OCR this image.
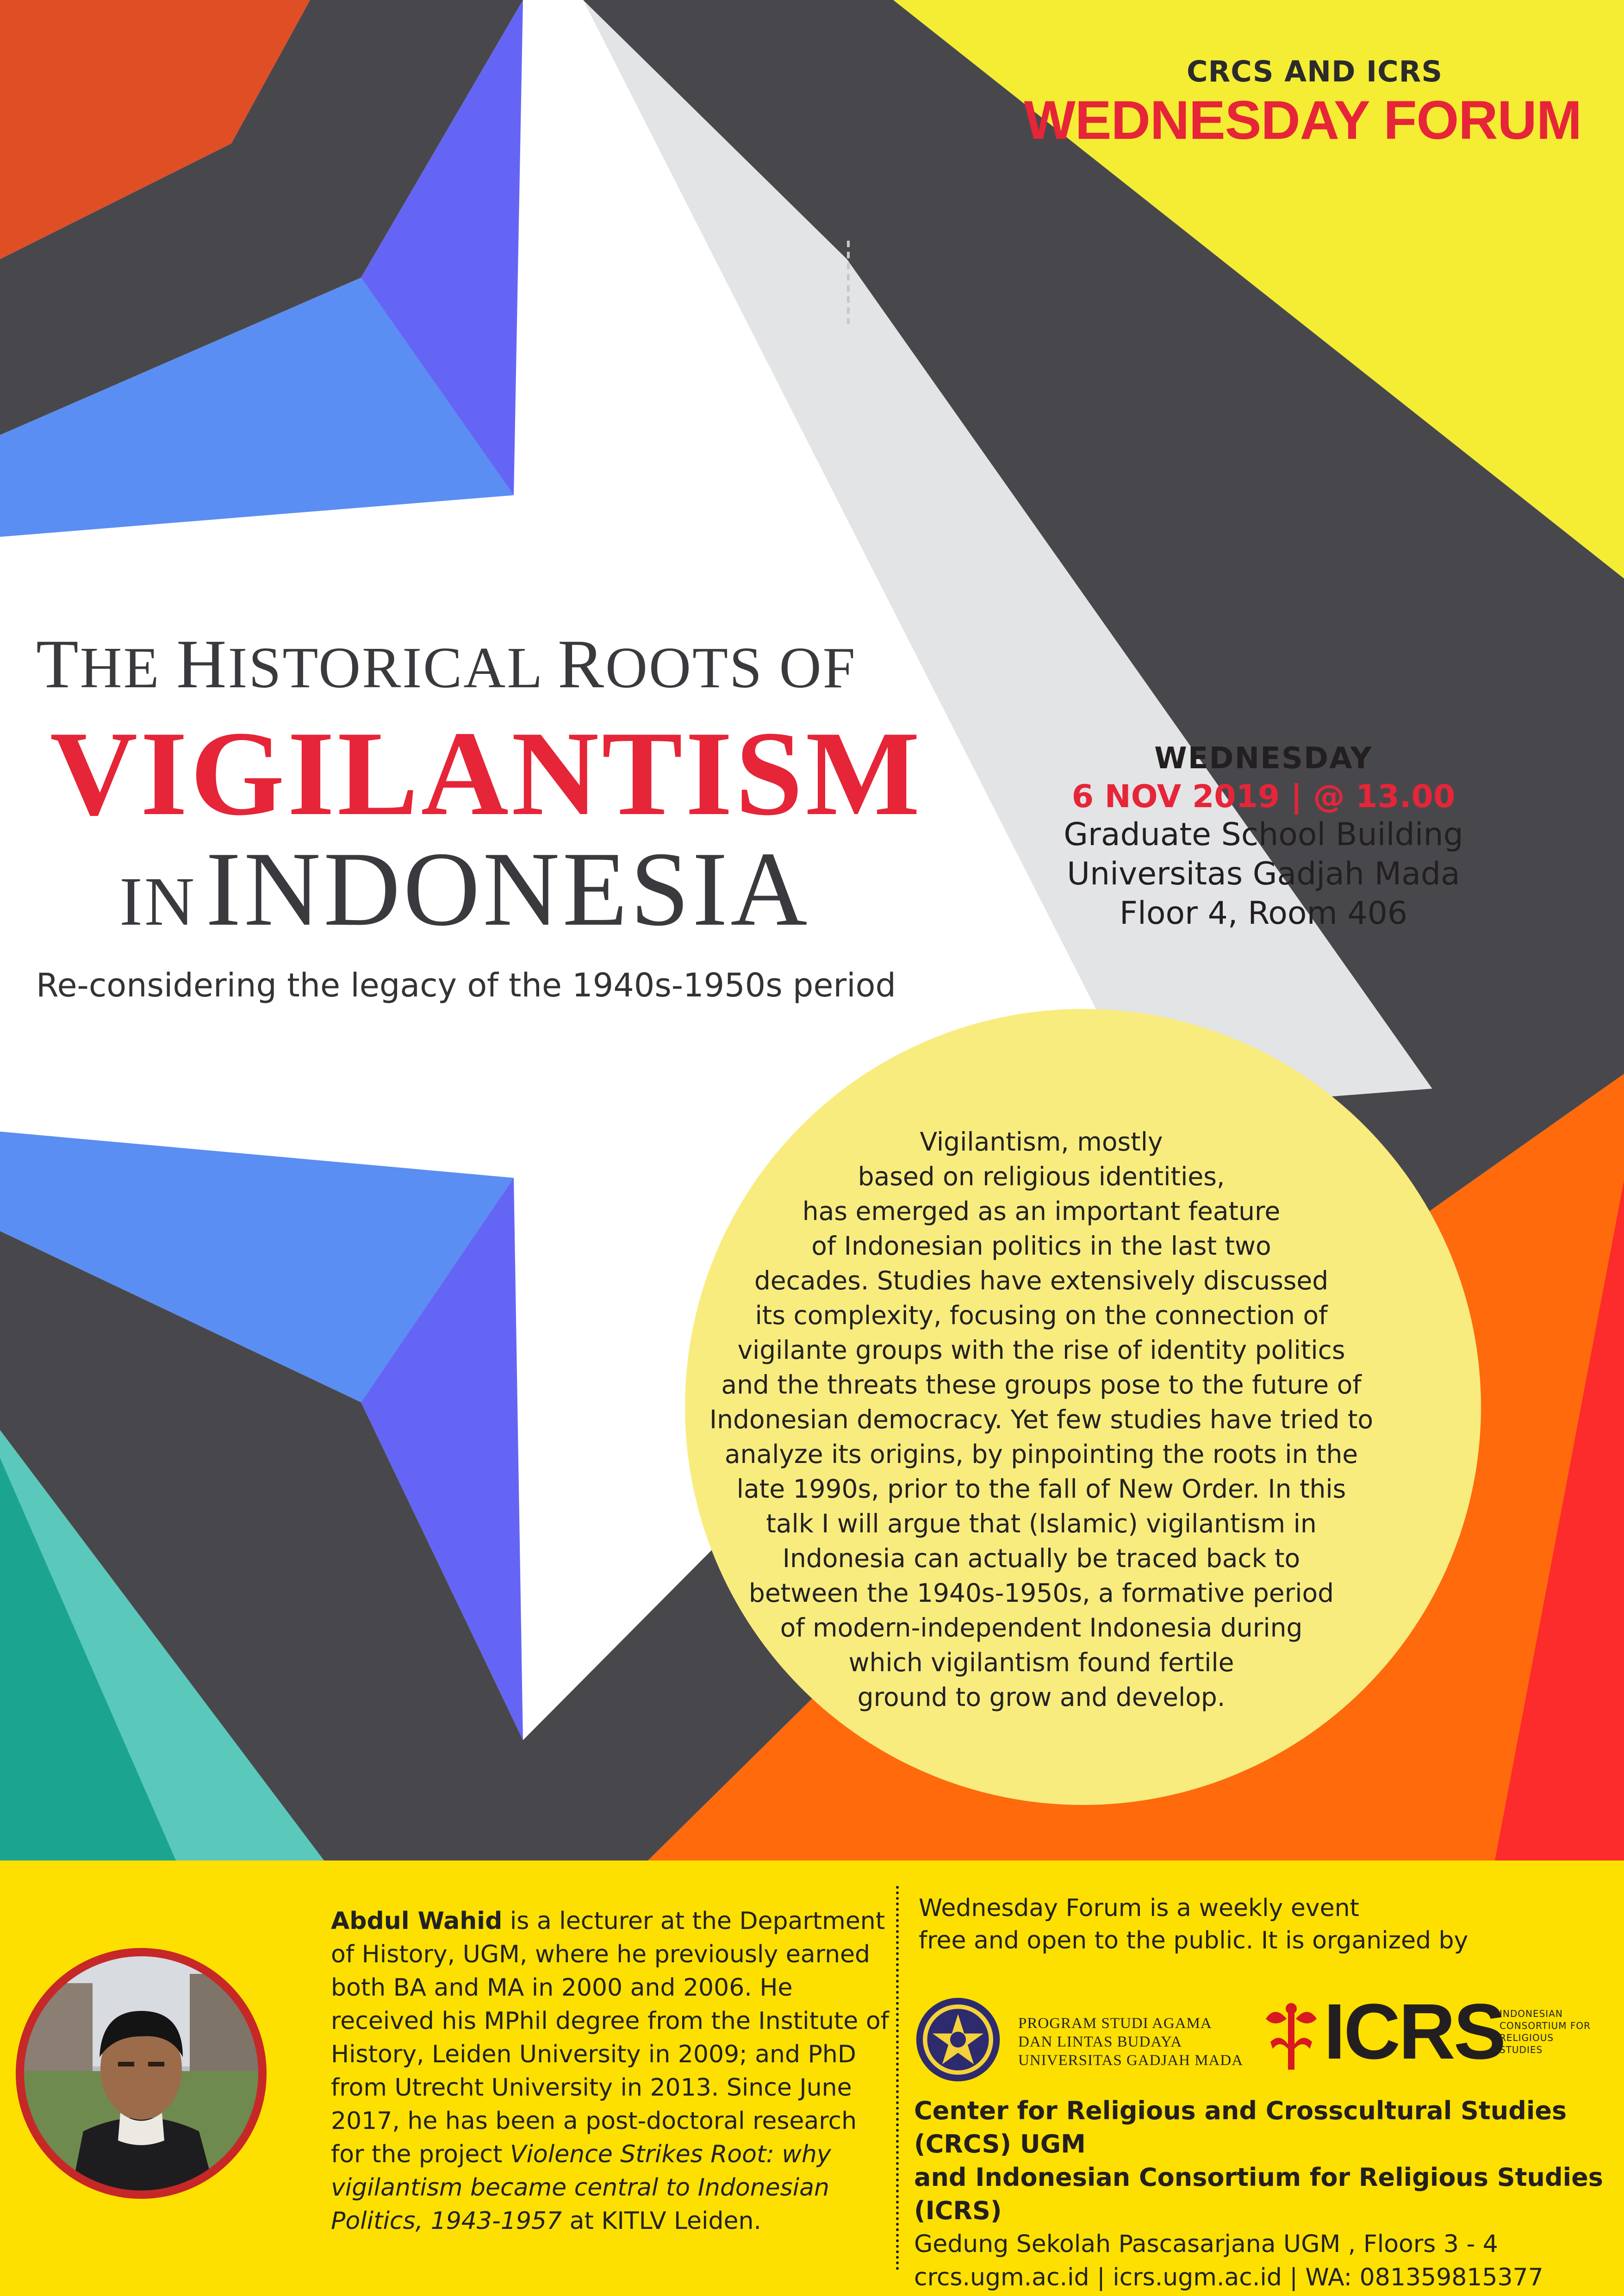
CRCS AND ICRS
WEDNESDAY FORUM
THE HISTORICAL ROOTS OF
VIGILANTISM
ININDONESIA
Re-considering the legacy of the 1940s-1950s period
WEDNESDAY
6 NOV 2019 | @ 13.00
Graduate School Building
Universitas Gadjah Mada
Floor 4, Room 406
Vigilantism, mostly
based on religious identities,
has emerged as an important feature
of Indonesian politics in the last two
decades. Studies have extensively discussed
its complexity, focusing on the connection of
vigilante groups with the rise of identity politics
and the threats these groups pose to the future of
Indonesian democracy. Yet few studies have tried to
analyze its origins, by pinpointing the roots in the
late 1990s, prior to the fall of New Order. In this
talk I will argue that (Islamic) vigilantism in
Indonesia can actually be traced back to
between the 1940s-1950s, a formative period
of modern-independent Indonesia during
which vigilantism found fertile
ground to grow and develop.
Abdul Wahid is a lecturer at the Department of History, UGM, where he previously earned both BA and MA in 2000 and 2006. He received his MPhil degree from the Institute of History, Leiden University in 2009; and PhD from Utrecht University in 2013. Since June 2017, he has been a post-doctoral research for the project Violence Strikes Root: why vigilantism became central to Indonesian Politics, 1943-1957 at KITLV Leiden.
Wednesday Forum is a weekly event
free and open to the public. It is organized by
PROGRAM STUDI AGAMA
DAN LINTAS BUDAYA
UNIVERSITAS GADJAH MADA ICRS
INDONESIAN
CONSORTIUM FOR
RELIGIOUS
STUDIES
Center for Religious and Crosscultural Studies (CRCS) UGM
and Indonesian Consortium for Religious Studies (ICRS)
Gedung Sekolah Pascasarjana UGM , Floors 3 - 4
crcs.ugm.ac.id | icrs.ugm.ac.id | WA: 081359815377
